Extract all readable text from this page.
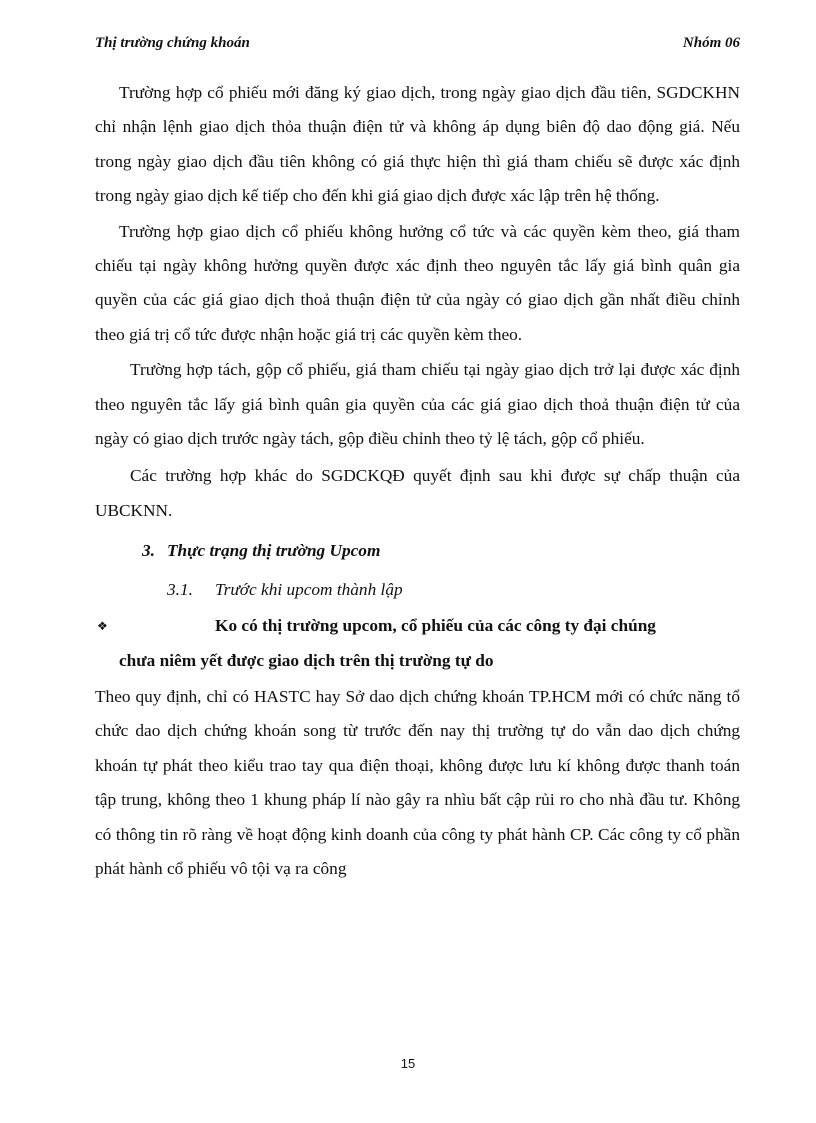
Thị trường chứng khoán	Nhóm 06

Trường hợp cổ phiếu mới đăng ký giao dịch, trong ngày giao dịch đầu tiên, SGDCKHN chỉ nhận lệnh giao dịch thỏa thuận điện tử và không áp dụng biên độ dao động giá. Nếu trong ngày giao dịch đầu tiên không có giá thực hiện thì giá tham chiếu sẽ được xác định trong ngày giao dịch kế tiếp cho đến khi giá giao dịch được xác lập trên hệ thống.

Trường hợp giao dịch cổ phiếu không hưởng cổ tức và các quyền kèm theo, giá tham chiếu tại ngày không hưởng quyền được xác định theo nguyên tắc lấy giá bình quân gia quyền của các giá giao dịch thoả thuận điện tử của ngày có giao dịch gần nhất điều chỉnh theo giá trị cổ tức được nhận hoặc giá trị các quyền kèm theo.

Trường hợp tách, gộp cổ phiếu, giá tham chiếu tại ngày giao dịch trở lại được xác định theo nguyên tắc lấy giá bình quân gia quyền của các giá giao dịch thoả thuận điện tử của ngày có giao dịch trước ngày tách, gộp điều chỉnh theo tỷ lệ tách, gộp cổ phiếu.

Các trường hợp khác do SGDCKQĐ quyết định sau khi được sự chấp thuận của UBCKNN.

3. Thực trạng thị trường Upcom

3.1. Trước khi upcom thành lập

❖	Ko có thị trường upcom, cổ phiếu của các công ty đại chúng
chưa niêm yết được giao dịch trên thị trường tự do

Theo quy định, chỉ có HASTC hay Sở dao dịch chứng khoán TP.HCM mới có chức năng tổ chức dao dịch chứng khoán song từ trước đến nay thị trường tự do vẫn dao dịch chứng khoán tự phát theo kiểu trao tay qua điện thoại, không được lưu kí không được thanh toán tập trung, không theo 1 khung pháp lí nào gây ra nhìu bất cập rủi ro cho nhà đầu tư. Không có thông tin rõ ràng về hoạt động kinh doanh của công ty phát hành CP. Các công ty cổ phần phát hành cổ phiếu vô tội vạ ra công

15
